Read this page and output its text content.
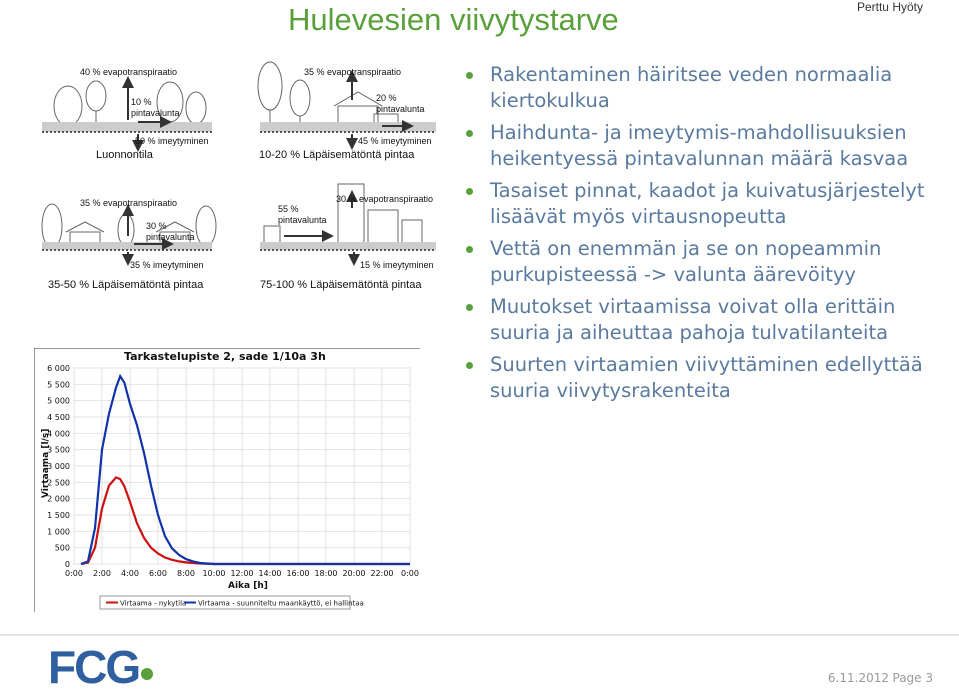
Hulevesien viivytystarve	Perttu Hyöty
40 % evapotranspiraatio
10 %
pintavalunta
50 % imeytyminen
Luonnontila
35 % evapotranspiraatio
20 %
pintavalunta
45 % imeytyminen
10-20 % Läpäisemätöntä pintaa
35 % evapotranspiraatio
30 %
pintavalunta
35 % imeytyminen
35-50 % Läpäisemätöntä pintaa
30 % evapotranspiraatio
55 %
pintavalunta
15 % imeytyminen
75-100 % Läpäisemätöntä pintaa
Tarkastelupiste 2, sade 1/10a 3h
0
500
1 000
1 500
2 000
2 500
3 000
3 500
4 000
4 500
5 000
5 500
6 000
0:00 2:00 4:00 6:00 8:00 10:00 12:00 14:00 16:00 18:00 20:00 22:00 0:00
Virtaama [l/s]
Aika [h]
Virtaama - nykytila Virtaama - suunniteltu maankäyttö, ei hallintaa
Rakentaminen häiritsee veden normaalia kiertokulkua
Haihdunta- ja imeytymis-mahdollisuuksien heikentyessä pintavalunnan määrä kasvaa
Tasaiset pinnat, kaadot ja kuivatusjärjestelyt lisäävät myös virtausnopeutta
Vettä on enemmän ja se on nopeammin purkupisteessä -> valunta äärevöityy
Muutokset virtaamissa voivat olla erittäin suuria ja aiheuttaa pahoja tulvatilanteita
Suurten virtaamien viivyttäminen edellyttää suuria viivytysrakenteita
FCG	6.11.2012 Page 3
